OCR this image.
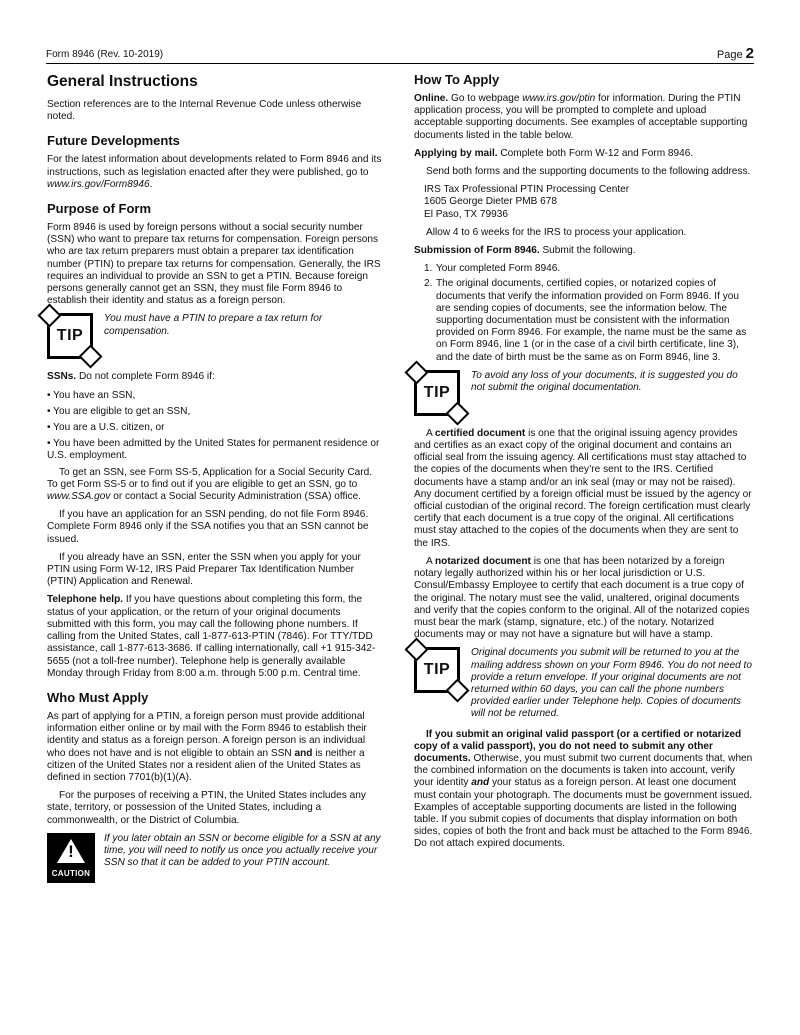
Form 8946 (Rev. 10-2019)	Page 2
General Instructions

Section references are to the Internal Revenue Code unless otherwise noted.

Future Developments

For the latest information about developments related to Form 8946 and its instructions, such as legislation enacted after they were published, go to www.irs.gov/Form8946.

Purpose of Form

Form 8946 is used by foreign persons without a social security number (SSN) who want to prepare tax returns for compensation. Foreign persons who are tax return preparers must obtain a preparer tax identification number (PTIN) to prepare tax returns for compensation. Generally, the IRS requires an individual to provide an SSN to get a PTIN. Because foreign persons generally cannot get an SSN, they must file Form 8946 to establish their identity and status as a foreign person.

TIP
You must have a PTIN to prepare a tax return for compensation.

SSNs. Do not complete Form 8946 if:

• You have an SSN,

• You are eligible to get an SSN,

• You are a U.S. citizen, or

• You have been admitted by the United States for permanent residence or U.S. employment.

To get an SSN, see Form SS-5, Application for a Social Security Card. To get Form SS-5 or to find out if you are eligible to get an SSN, go to www.SSA.gov or contact a Social Security Administration (SSA) office.

If you have an application for an SSN pending, do not file Form 8946. Complete Form 8946 only if the SSA notifies you that an SSN cannot be issued.

If you already have an SSN, enter the SSN when you apply for your PTIN using Form W-12, IRS Paid Preparer Tax Identification Number (PTIN) Application and Renewal.

Telephone help. If you have questions about completing this form, the status of your application, or the return of your original documents submitted with this form, you may call the following phone numbers. If calling from the United States, call 1-877-613-PTIN (7846). For TTY/TDD assistance, call 1-877-613-3686. If calling internationally, call +1 915-342-5655 (not a toll-free number). Telephone help is generally available Monday through Friday from 8:00 a.m. through 5:00 p.m. Central time.

Who Must Apply

As part of applying for a PTIN, a foreign person must provide additional information either online or by mail with the Form 8946 to establish their identity and status as a foreign person. A foreign person is an individual who does not have and is not eligible to obtain an SSN and is neither a citizen of the United States nor a resident alien of the United States as defined in section 7701(b)(1)(A).

For the purposes of receiving a PTIN, the United States includes any state, territory, or possession of the United States, including a commonwealth, or the District of Columbia.

!
CAUTION
If you later obtain an SSN or become eligible for a SSN at any time, you will need to notify us once you actually receive your SSN so that it can be added to your PTIN account.
How To Apply

Online. Go to webpage www.irs.gov/ptin for information. During the PTIN application process, you will be prompted to complete and upload acceptable supporting documents. See examples of acceptable supporting documents listed in the table below.

Applying by mail. Complete both Form W-12 and Form 8946.

Send both forms and the supporting documents to the following address.

IRS Tax Professional PTIN Processing Center
1605 George Dieter PMB 678
El Paso, TX 79936

Allow 4 to 6 weeks for the IRS to process your application.

Submission of Form 8946. Submit the following.

1. Your completed Form 8946.
2. The original documents, certified copies, or notarized copies of documents that verify the information provided on Form 8946. If you are sending copies of documents, see the information below. The supporting documentation must be consistent with the information provided on Form 8946. For example, the name must be the same as on Form 8946, line 1 (or in the case of a civil birth certificate, line 3), and the date of birth must be the same as on Form 8946, line 3.
TIP
To avoid any loss of your documents, it is suggested you do not submit the original documentation.

A certified document is one that the original issuing agency provides and certifies as an exact copy of the original document and contains an official seal from the issuing agency. All certifications must stay attached to the copies of the documents when they’re sent to the IRS. Certified documents have a stamp and/or an ink seal (may or may not be raised). Any document certified by a foreign official must be issued by the agency or official custodian of the original record. The foreign certification must clearly certify that each document is a true copy of the original. All certifications must stay attached to the copies of the documents when they are sent to the IRS.

A notarized document is one that has been notarized by a foreign notary legally authorized within his or her local jurisdiction or U.S. Consul/Embassy Employee to certify that each document is a true copy of the original. The notary must see the valid, unaltered, original documents and verify that the copies conform to the original. All of the notarized copies must bear the mark (stamp, signature, etc.) of the notary. Notarized documents may or may not have a signature but will have a stamp.

TIP
Original documents you submit will be returned to you at the mailing address shown on your Form 8946. You do not need to provide a return envelope. If your original documents are not returned within 60 days, you can call the phone numbers provided earlier under Telephone help. Copies of documents will not be returned.

If you submit an original valid passport (or a certified or notarized copy of a valid passport), you do not need to submit any other documents. Otherwise, you must submit two current documents that, when the combined information on the documents is taken into account, verify your identity and your status as a foreign person. At least one document must contain your photograph. The documents must be government issued. Examples of acceptable supporting documents are listed in the following table. If you submit copies of documents that display information on both sides, copies of both the front and back must be attached to the Form 8946. Do not attach expired documents.
